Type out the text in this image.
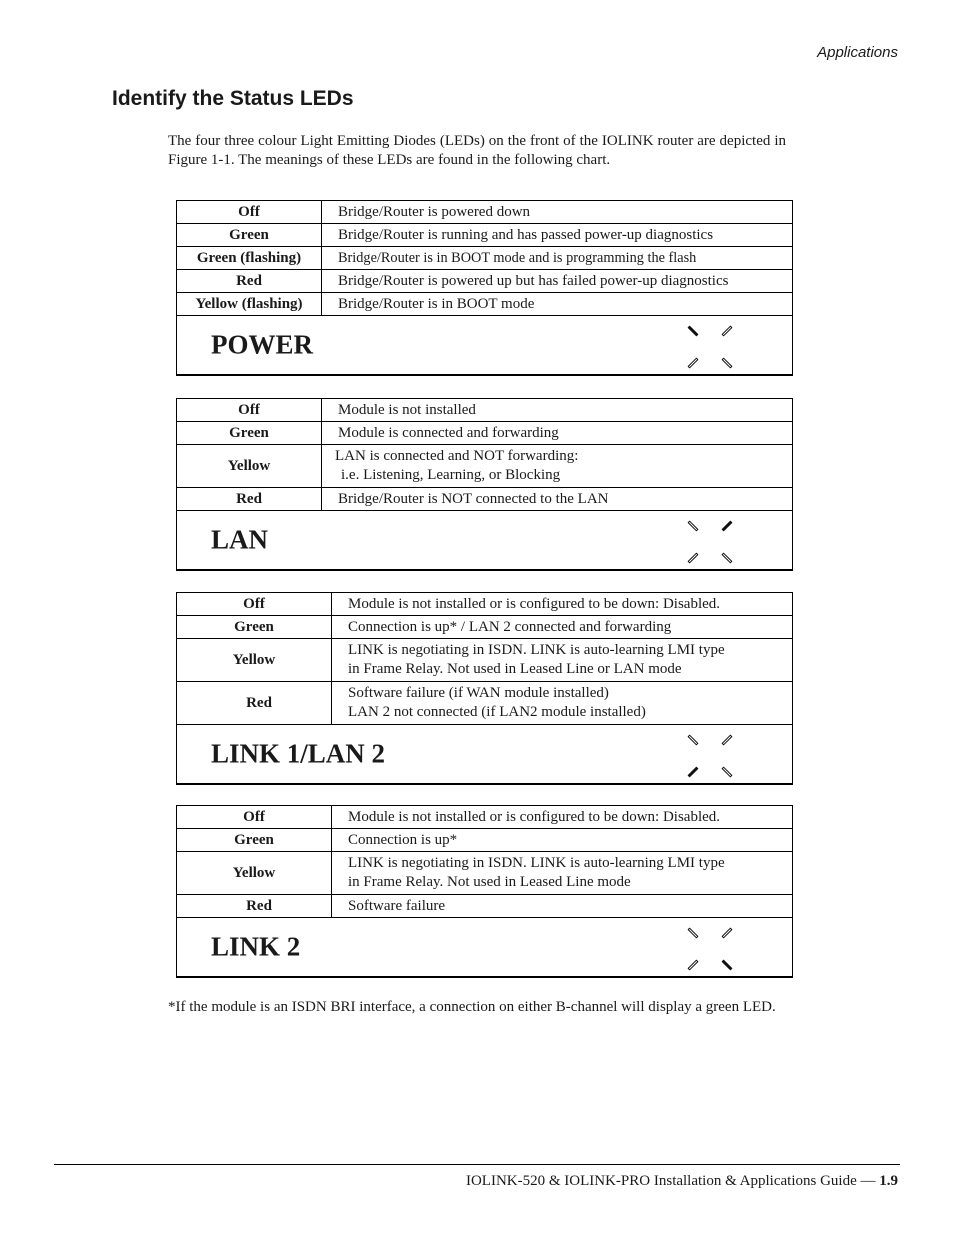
Applications
Identify the Status LEDs

The four three colour Light Emitting Diodes (LEDs) on the front of the IOLINK router are depicted in Figure 1-1. The meanings of these LEDs are found in the following chart.

Off	Bridge/Router is powered down
Green	Bridge/Router is running and has passed power-up diagnostics
Green (flashing)	Bridge/Router is in BOOT mode and is programming the flash
Red	Bridge/Router is powered up but has failed power-up diagnostics
Yellow (flashing)	Bridge/Router is in BOOT mode

POWER	
Off	Module is not installed
Green	Module is connected and forwarding
Yellow	LAN is connected and NOT forwarding:
i.e. Listening, Learning, or Blocking

Red	Bridge/Router is NOT connected to the LAN

LAN	
Off	Module is not installed or is configured to be down: Disabled.
Green	Connection is up* / LAN 2 connected and forwarding
Yellow	LINK is negotiating in ISDN. LINK is auto-learning LMI type
in Frame Relay. Not used in Leased Line or LAN mode

Red	Software failure (if WAN module installed)
LAN 2 not connected (if LAN2 module installed)

LINK 1/LAN 2	
Off	Module is not installed or is configured to be down: Disabled.
Green	Connection is up*
Yellow	LINK is negotiating in ISDN. LINK is auto-learning LMI type
in Frame Relay. Not used in Leased Line mode

Red	Software failure

LINK 2	

*If the module is an ISDN BRI interface, a connection on either B-channel will display a green LED.

IOLINK-520 & IOLINK-PRO Installation & Applications Guide — 1.9
